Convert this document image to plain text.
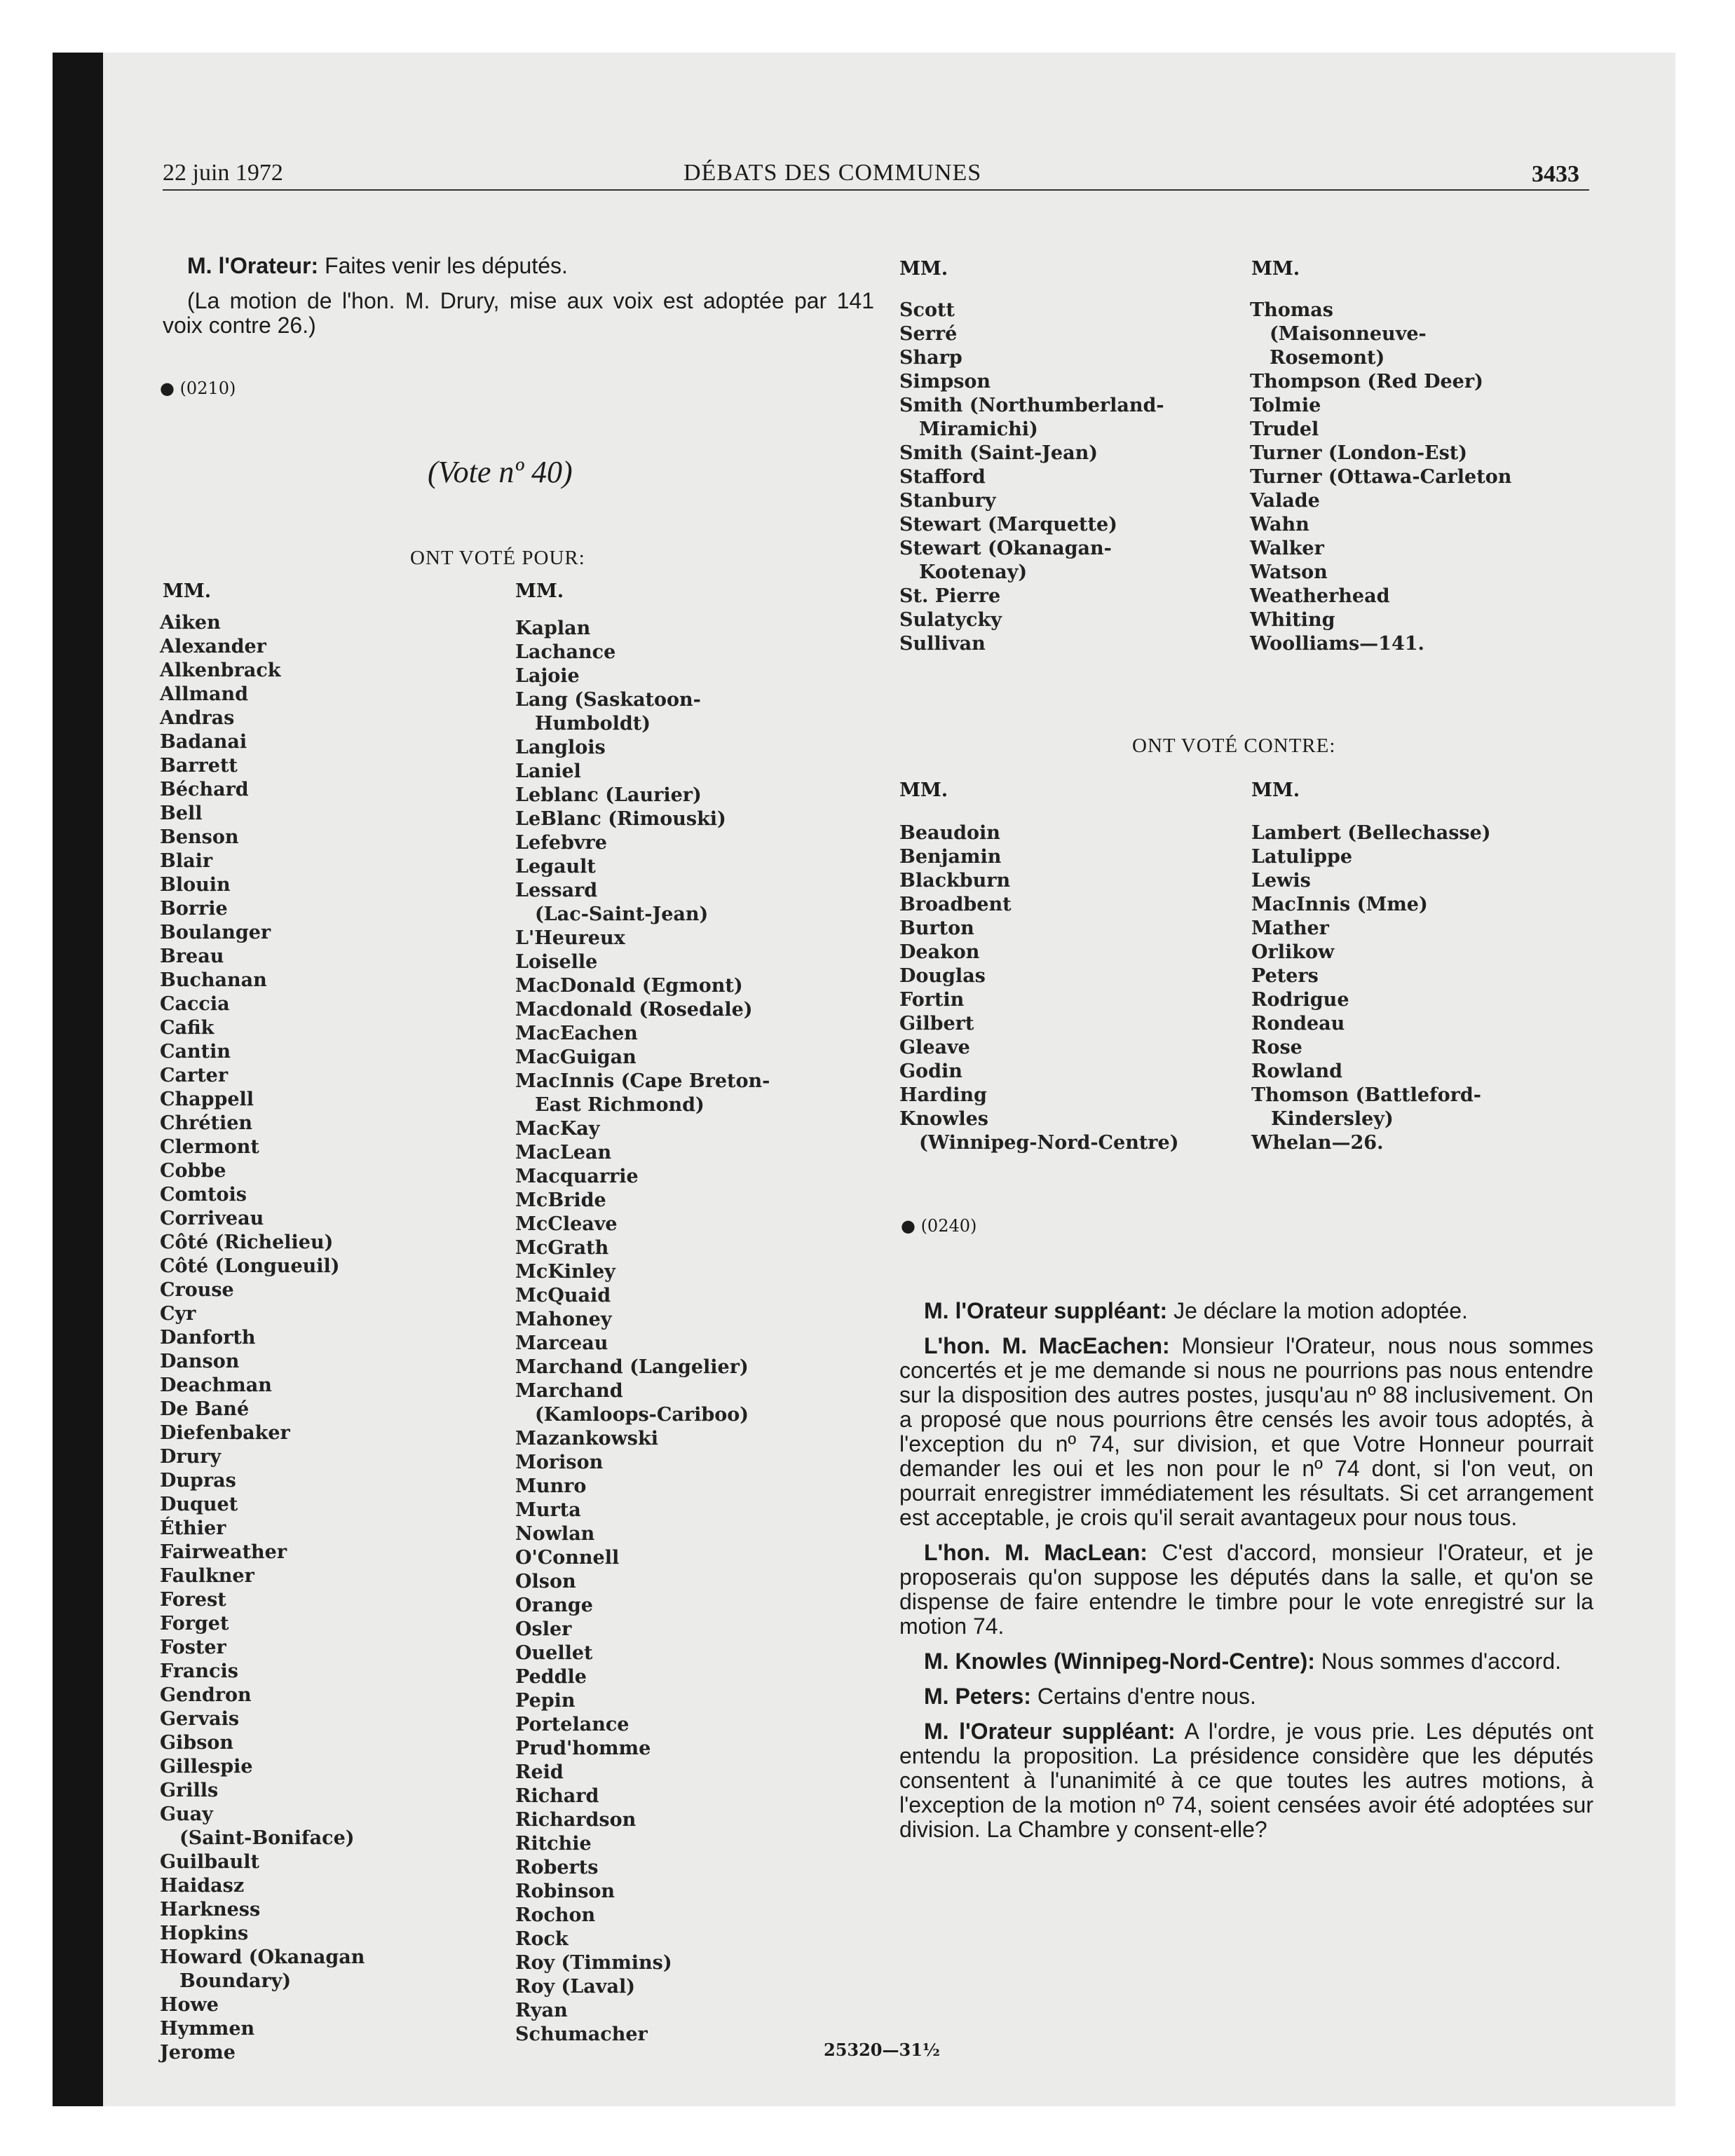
22 juin 1972	DÉBATS DES COMMUNES	3433

M. l'Orateur: Faites venir les députés.

(La motion de l'hon. M. Drury, mise aux voix est adoptée par 141 voix contre 26.)

● (0210)
(Vote nº 40)
ONT VOTÉ POUR:
MM.	MM.
MM.	MM.
Aiken
Alexander
Alkenbrack
Allmand
Andras
Badanai
Barrett
Béchard
Bell
Benson
Blair
Blouin
Borrie
Boulanger
Breau
Buchanan
Caccia
Cafik
Cantin
Carter
Chappell
Chrétien
Clermont
Cobbe
Comtois
Corriveau
Côté (Richelieu)
Côté (Longueuil)
Crouse
Cyr
Danforth
Danson
Deachman
De Bané
Diefenbaker
Drury
Dupras
Duquet
Éthier
Fairweather
Faulkner
Forest
Forget
Foster
Francis
Gendron
Gervais
Gibson
Gillespie
Grills
Guay
(Saint-Boniface)
Guilbault
Haidasz
Harkness
Hopkins
Howard (Okanagan
Boundary)
Howe
Hymmen
Jerome
Kaplan
Lachance
Lajoie
Lang (Saskatoon-
Humboldt)
Langlois
Laniel
Leblanc (Laurier)
LeBlanc (Rimouski)
Lefebvre
Legault
Lessard
(Lac-Saint-Jean)
L'Heureux
Loiselle
MacDonald (Egmont)
Macdonald (Rosedale)
MacEachen
MacGuigan
MacInnis (Cape Breton-
East Richmond)
MacKay
MacLean
Macquarrie
McBride
McCleave
McGrath
McKinley
McQuaid
Mahoney
Marceau
Marchand (Langelier)
Marchand
(Kamloops-Cariboo)
Mazankowski
Morison
Munro
Murta
Nowlan
O'Connell
Olson
Orange
Osler
Ouellet
Peddle
Pepin
Portelance
Prud'homme
Reid
Richard
Richardson
Ritchie
Roberts
Robinson
Rochon
Rock
Roy (Timmins)
Roy (Laval)
Ryan
Schumacher
Scott
Serré
Sharp
Simpson
Smith (Northumberland-
Miramichi)
Smith (Saint-Jean)
Stafford
Stanbury
Stewart (Marquette)
Stewart (Okanagan-
Kootenay)
St. Pierre
Sulatycky
Sullivan
Thomas
(Maisonneuve-
Rosemont)
Thompson (Red Deer)
Tolmie
Trudel
Turner (London-Est)
Turner (Ottawa-Carleton
Valade
Wahn
Walker
Watson
Weatherhead
Whiting
Woolliams—141.
ONT VOTÉ CONTRE:
MM.	MM.
Beaudoin
Benjamin
Blackburn
Broadbent
Burton
Deakon
Douglas
Fortin
Gilbert
Gleave
Godin
Harding
Knowles
(Winnipeg-Nord-Centre)
Lambert (Bellechasse)
Latulippe
Lewis
MacInnis (Mme)
Mather
Orlikow
Peters
Rodrigue
Rondeau
Rose
Rowland
Thomson (Battleford-
Kindersley)
Whelan—26.
● (0240)

M. l'Orateur suppléant: Je déclare la motion adoptée.

L'hon. M. MacEachen: Monsieur l'Orateur, nous nous sommes concertés et je me demande si nous ne pourrions pas nous entendre sur la disposition des autres postes, jusqu'au nº 88 inclusivement. On a proposé que nous pourrions être censés les avoir tous adoptés, à l'exception du nº 74, sur division, et que Votre Honneur pourrait demander les oui et les non pour le nº 74 dont, si l'on veut, on pourrait enregistrer immédiatement les résultats. Si cet arrangement est acceptable, je crois qu'il serait avantageux pour nous tous.

L'hon. M. MacLean: C'est d'accord, monsieur l'Orateur, et je proposerais qu'on suppose les députés dans la salle, et qu'on se dispense de faire entendre le timbre pour le vote enregistré sur la motion 74.

M. Knowles (Winnipeg-Nord-Centre): Nous sommes d'accord.

M. Peters: Certains d'entre nous.

M. l'Orateur suppléant: A l'ordre, je vous prie. Les députés ont entendu la proposition. La présidence considère que les députés consentent à l'unanimité à ce que toutes les autres motions, à l'exception de la motion nº 74, soient censées avoir été adoptées sur division. La Chambre y consent-elle?

25320—31½
